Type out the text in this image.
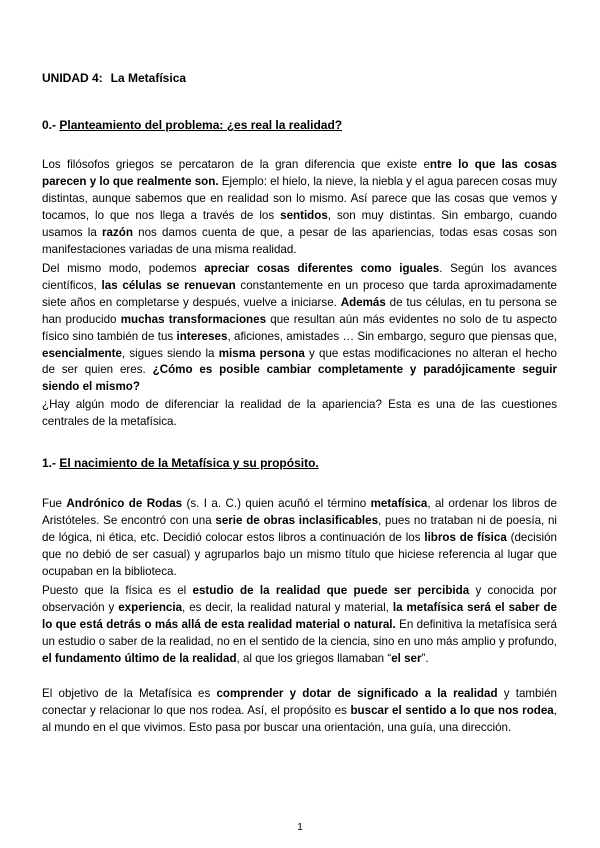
UNIDAD 4: La Metafísica
0.- Planteamiento del problema: ¿es real la realidad?

Los filósofos griegos se percataron de la gran diferencia que existe entre lo que las cosas parecen y lo que realmente son. Ejemplo: el hielo, la nieve, la niebla y el agua parecen cosas muy distintas, aunque sabemos que en realidad son lo mismo. Así parece que las cosas que vemos y tocamos, lo que nos llega a través de los sentidos, son muy distintas. Sin embargo, cuando usamos la razón nos damos cuenta de que, a pesar de las apariencias, todas esas cosas son manifestaciones variadas de una misma realidad.

Del mismo modo, podemos apreciar cosas diferentes como iguales. Según los avances científicos, las células se renuevan constantemente en un proceso que tarda aproximadamente siete años en completarse y después, vuelve a iniciarse. Además de tus células, en tu persona se han producido muchas transformaciones que resultan aún más evidentes no solo de tu aspecto físico sino también de tus intereses, aficiones, amistades … Sin embargo, seguro que piensas que, esencialmente, sigues siendo la misma persona y que estas modificaciones no alteran el hecho de ser quien eres. ¿Cómo es posible cambiar completamente y paradójicamente seguir siendo el mismo?

¿Hay algún modo de diferenciar la realidad de la apariencia? Esta es una de las cuestiones centrales de la metafísica.

1.- El nacimiento de la Metafísica y su propósito.

Fue Andrónico de Rodas (s. I a. C.) quien acuñó el término metafísica, al ordenar los libros de Aristóteles. Se encontró con una serie de obras inclasificables, pues no trataban ni de poesía, ni de lógica, ni ética, etc. Decidió colocar estos libros a continuación de los libros de física (decisión que no debió de ser casual) y agruparlos bajo un mismo título que hiciese referencia al lugar que ocupaban en la biblioteca.

Puesto que la física es el estudio de la realidad que puede ser percibida y conocida por observación y experiencia, es decir, la realidad natural y material, la metafísica será el saber de lo que está detrás o más allá de esta realidad material o natural. En definitiva la metafísica será un estudio o saber de la realidad, no en el sentido de la ciencia, sino en uno más amplio y profundo, el fundamento último de la realidad, al que los griegos llamaban “el ser”.

El objetivo de la Metafísica es comprender y dotar de significado a la realidad y también conectar y relacionar lo que nos rodea. Así, el propósito es buscar el sentido a lo que nos rodea, al mundo en el que vivimos. Esto pasa por buscar una orientación, una guía, una dirección.

1
